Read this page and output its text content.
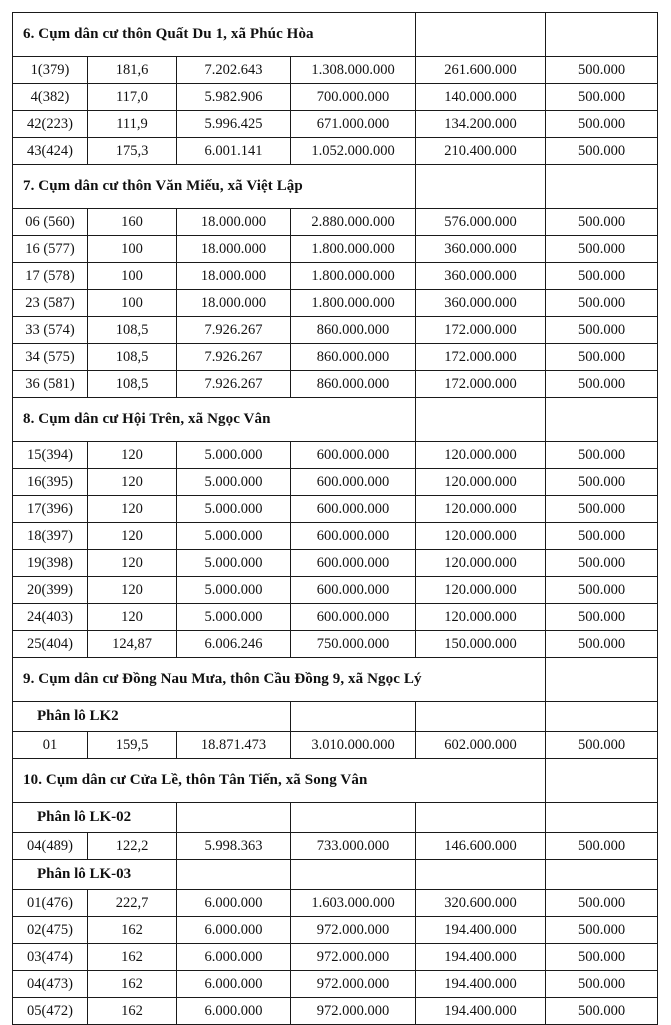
6. Cụm dân cư thôn Quất Du 1, xã Phúc Hòa					
1(379)	181,6	7.202.643	1.308.000.000	261.600.000	500.000
4(382)	117,0	5.982.906	700.000.000	140.000.000	500.000
42(223)	111,9	5.996.425	671.000.000	134.200.000	500.000
43(424)	175,3	6.001.141	1.052.000.000	210.400.000	500.000
7. Cụm dân cư thôn Văn Miếu, xã Việt Lập					
06 (560)	160	18.000.000	2.880.000.000	576.000.000	500.000
16 (577)	100	18.000.000	1.800.000.000	360.000.000	500.000
17 (578)	100	18.000.000	1.800.000.000	360.000.000	500.000
23 (587)	100	18.000.000	1.800.000.000	360.000.000	500.000
33 (574)	108,5	7.926.267	860.000.000	172.000.000	500.000
34 (575)	108,5	7.926.267	860.000.000	172.000.000	500.000
36 (581)	108,5	7.926.267	860.000.000	172.000.000	500.000
8. Cụm dân cư Hội Trên, xã Ngọc Vân					
15(394)	120	5.000.000	600.000.000	120.000.000	500.000
16(395)	120	5.000.000	600.000.000	120.000.000	500.000
17(396)	120	5.000.000	600.000.000	120.000.000	500.000
18(397)	120	5.000.000	600.000.000	120.000.000	500.000
19(398)	120	5.000.000	600.000.000	120.000.000	500.000
20(399)	120	5.000.000	600.000.000	120.000.000	500.000
24(403)	120	5.000.000	600.000.000	120.000.000	500.000
25(404)	124,87	6.006.246	750.000.000	150.000.000	500.000
9. Cụm dân cư Đồng Nau Mưa, thôn Cầu Đồng 9, xã Ngọc Lý					
Phân lô LK2					
01	159,5	18.871.473	3.010.000.000	602.000.000	500.000
10. Cụm dân cư Cửa Lề, thôn Tân Tiến, xã Song Vân					
Phân lô LK-02					
04(489)	122,2	5.998.363	733.000.000	146.600.000	500.000
Phân lô LK-03					
01(476)	222,7	6.000.000	1.603.000.000	320.600.000	500.000
02(475)	162	6.000.000	972.000.000	194.400.000	500.000
03(474)	162	6.000.000	972.000.000	194.400.000	500.000
04(473)	162	6.000.000	972.000.000	194.400.000	500.000
05(472)	162	6.000.000	972.000.000	194.400.000	500.000
